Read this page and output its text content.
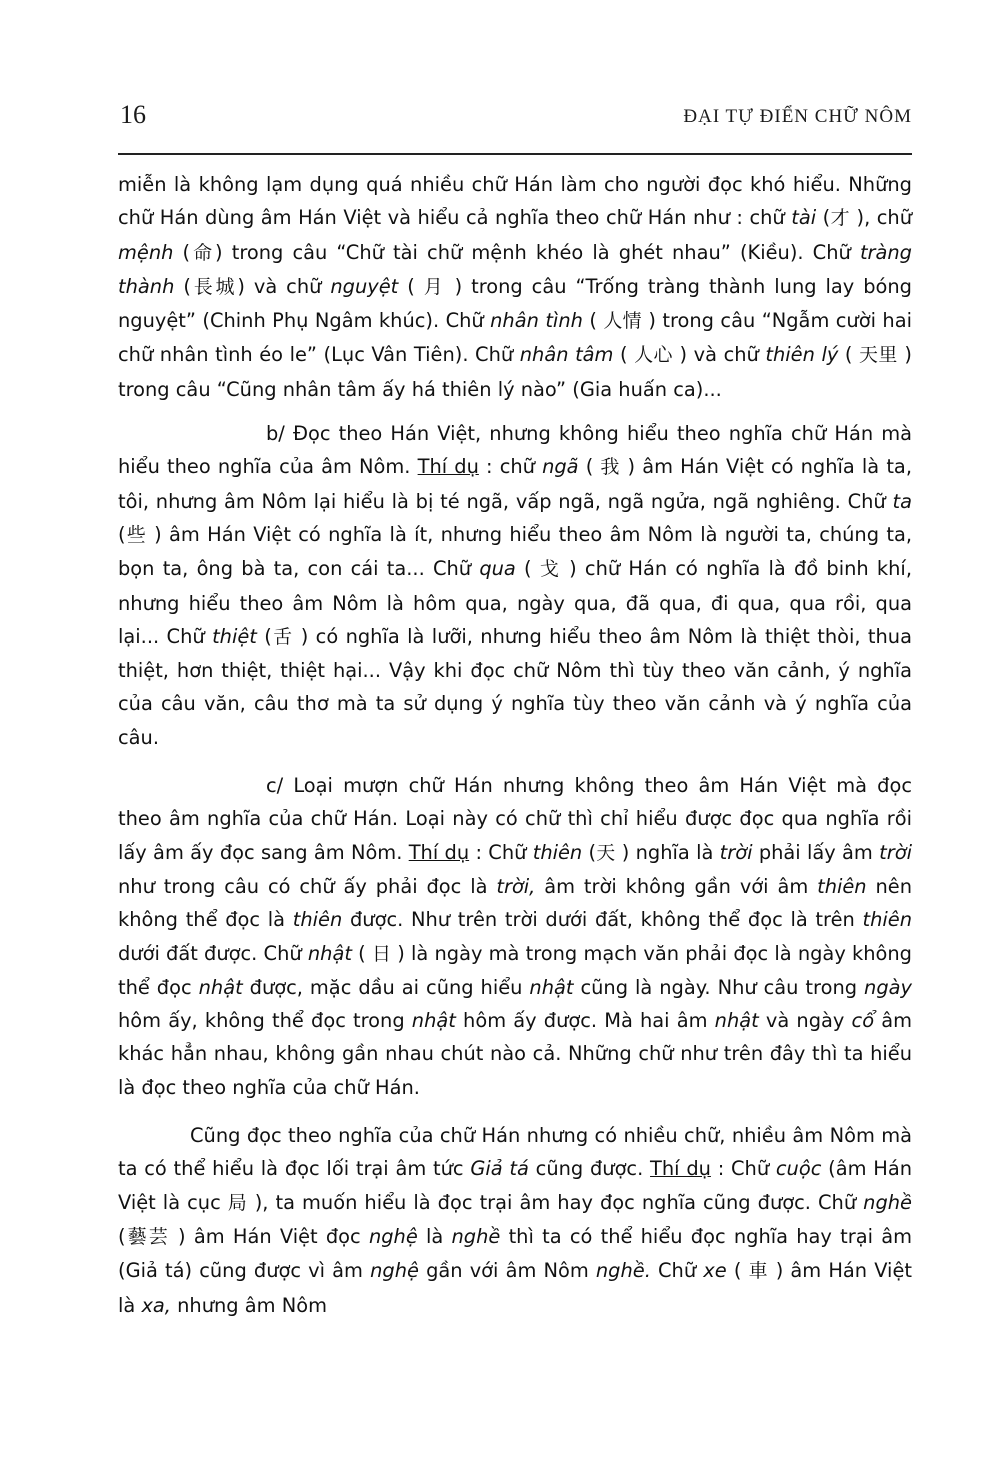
16	ĐẠI TỰ ĐIỂN CHỮ NÔM

miễn là không lạm dụng quá nhiều chữ Hán làm cho người đọc khó hiểu. Những chữ Hán dùng âm Hán Việt và hiểu cả nghĩa theo chữ Hán như : chữ tài (才 ), chữ mệnh (命) trong câu “Chữ tài chữ mệnh khéo là ghét nhau” (Kiều). Chữ tràng thành (長城) và chữ nguyệt ( 月 ) trong câu “Trống tràng thành lung lay bóng nguyệt” (Chinh Phụ Ngâm khúc). Chữ nhân tình ( 人情 ) trong câu “Ngẫm cười hai chữ nhân tình éo le” (Lục Vân Tiên). Chữ nhân tâm ( 人心 ) và chữ thiên lý ( 天里 ) trong câu “Cũng nhân tâm ấy há thiên lý nào” (Gia huấn ca)...

b/ Đọc theo Hán Việt, nhưng không hiểu theo nghĩa chữ Hán mà hiểu theo nghĩa của âm Nôm. Thí dụ : chữ ngã ( 我 ) âm Hán Việt có nghĩa là ta, tôi, nhưng âm Nôm lại hiểu là bị té ngã, vấp ngã, ngã ngửa, ngã nghiêng. Chữ ta (些 ) âm Hán Việt có nghĩa là ít, nhưng hiểu theo âm Nôm là người ta, chúng ta, bọn ta, ông bà ta, con cái ta... Chữ qua ( 戈 ) chữ Hán có nghĩa là đồ binh khí, nhưng hiểu theo âm Nôm là hôm qua, ngày qua, đã qua, đi qua, qua rồi, qua lại... Chữ thiệt (舌 ) có nghĩa là lưỡi, nhưng hiểu theo âm Nôm là thiệt thòi, thua thiệt, hơn thiệt, thiệt hại... Vậy khi đọc chữ Nôm thì tùy theo văn cảnh, ý nghĩa của câu văn, câu thơ mà ta sử dụng ý nghĩa tùy theo văn cảnh và ý nghĩa của câu.

c/ Loại mượn chữ Hán nhưng không theo âm Hán Việt mà đọc theo âm nghĩa của chữ Hán. Loại này có chữ thì chỉ hiểu được đọc qua nghĩa rồi lấy âm ấy đọc sang âm Nôm. Thí dụ : Chữ thiên (天 ) nghĩa là trời phải lấy âm trời như trong câu có chữ ấy phải đọc là trời, âm trời không gần với âm thiên nên không thể đọc là thiên được. Như trên trời dưới đất, không thể đọc là trên thiên dưới đất được. Chữ nhật ( 日 ) là ngày mà trong mạch văn phải đọc là ngày không thể đọc nhật được, mặc dầu ai cũng hiểu nhật cũng là ngày. Như câu trong ngày hôm ấy, không thể đọc trong nhật hôm ấy được. Mà hai âm nhật và ngày cổ âm khác hẳn nhau, không gần nhau chút nào cả. Những chữ như trên đây thì ta hiểu là đọc theo nghĩa của chữ Hán.

Cũng đọc theo nghĩa của chữ Hán nhưng có nhiều chữ, nhiều âm Nôm mà ta có thể hiểu là đọc lối trại âm tức Giả tá cũng được. Thí dụ : Chữ cuộc (âm Hán Việt là cục 局 ), ta muốn hiểu là đọc trại âm hay đọc nghĩa cũng được. Chữ nghề (藝芸 ) âm Hán Việt đọc nghệ là nghề thì ta có thể hiểu đọc nghĩa hay trại âm (Giả tá) cũng được vì âm nghệ gần với âm Nôm nghề. Chữ xe ( 車 ) âm Hán Việt là xa, nhưng âm Nôm
